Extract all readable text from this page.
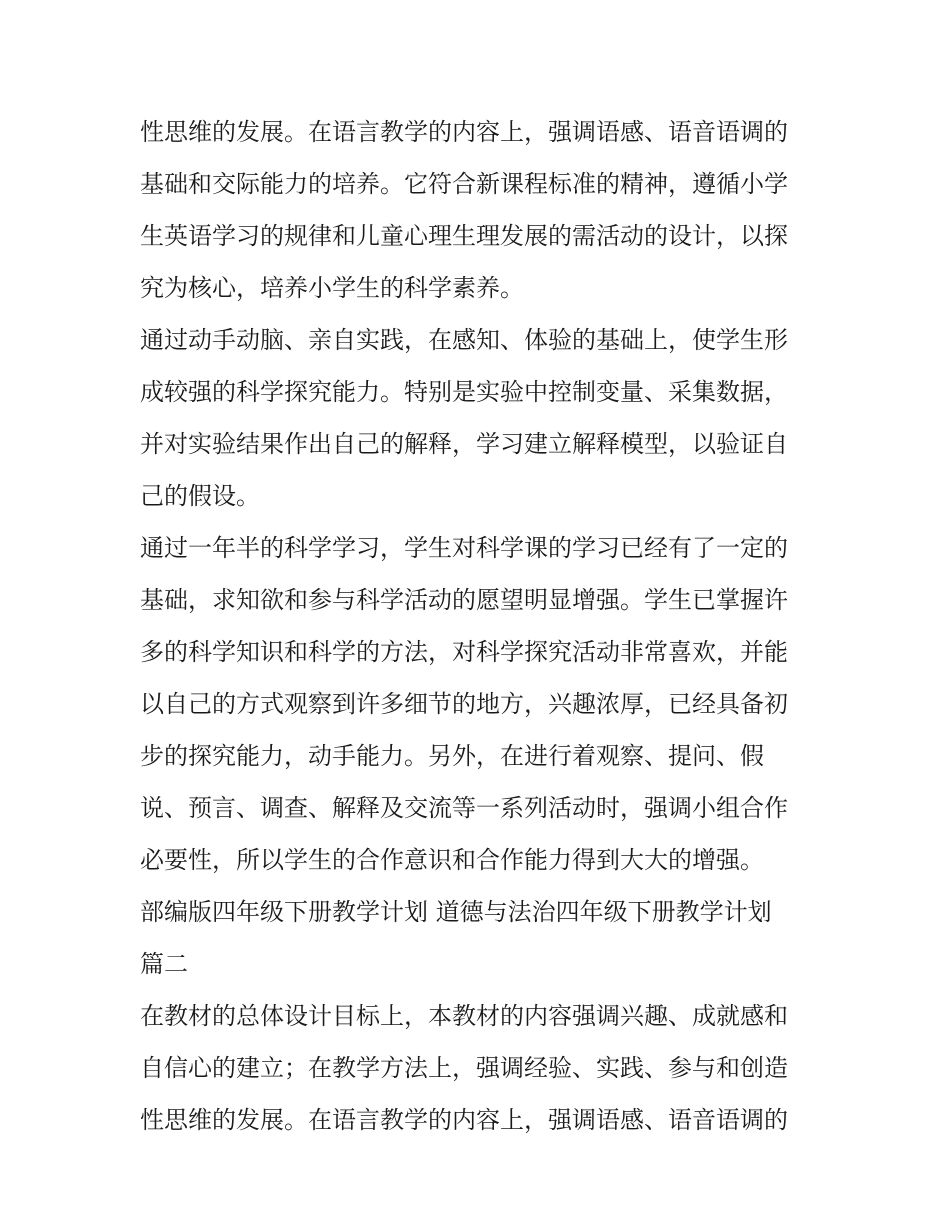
性思维的发展。在语言教学的内容上，强调语感、语音语调的
基础和交际能力的培养。它符合新课程标准的精神，遵循小学
生英语学习的规律和儿童心理生理发展的需活动的设计，以探
究为核心，培养小学生的科学素养。
通过动手动脑、亲自实践，在感知、体验的基础上，使学生形
成较强的科学探究能力。特别是实验中控制变量、采集数据，
并对实验结果作出自己的解释，学习建立解释模型，以验证自
己的假设。
通过一年半的科学学习，学生对科学课的学习已经有了一定的
基础，求知欲和参与科学活动的愿望明显增强。学生已掌握许
多的科学知识和科学的方法，对科学探究活动非常喜欢，并能
以自己的方式观察到许多细节的地方，兴趣浓厚，已经具备初
步的探究能力，动手能力。另外，在进行着观察、提问、假
说、预言、调查、解释及交流等一系列活动时，强调小组合作
必要性，所以学生的合作意识和合作能力得到大大的增强。
部编版四年级下册教学计划 道德与法治四年级下册教学计划
篇二
在教材的总体设计目标上，本教材的内容强调兴趣、成就感和
自信心的建立；在教学方法上，强调经验、实践、参与和创造
性思维的发展。在语言教学的内容上，强调语感、语音语调的
